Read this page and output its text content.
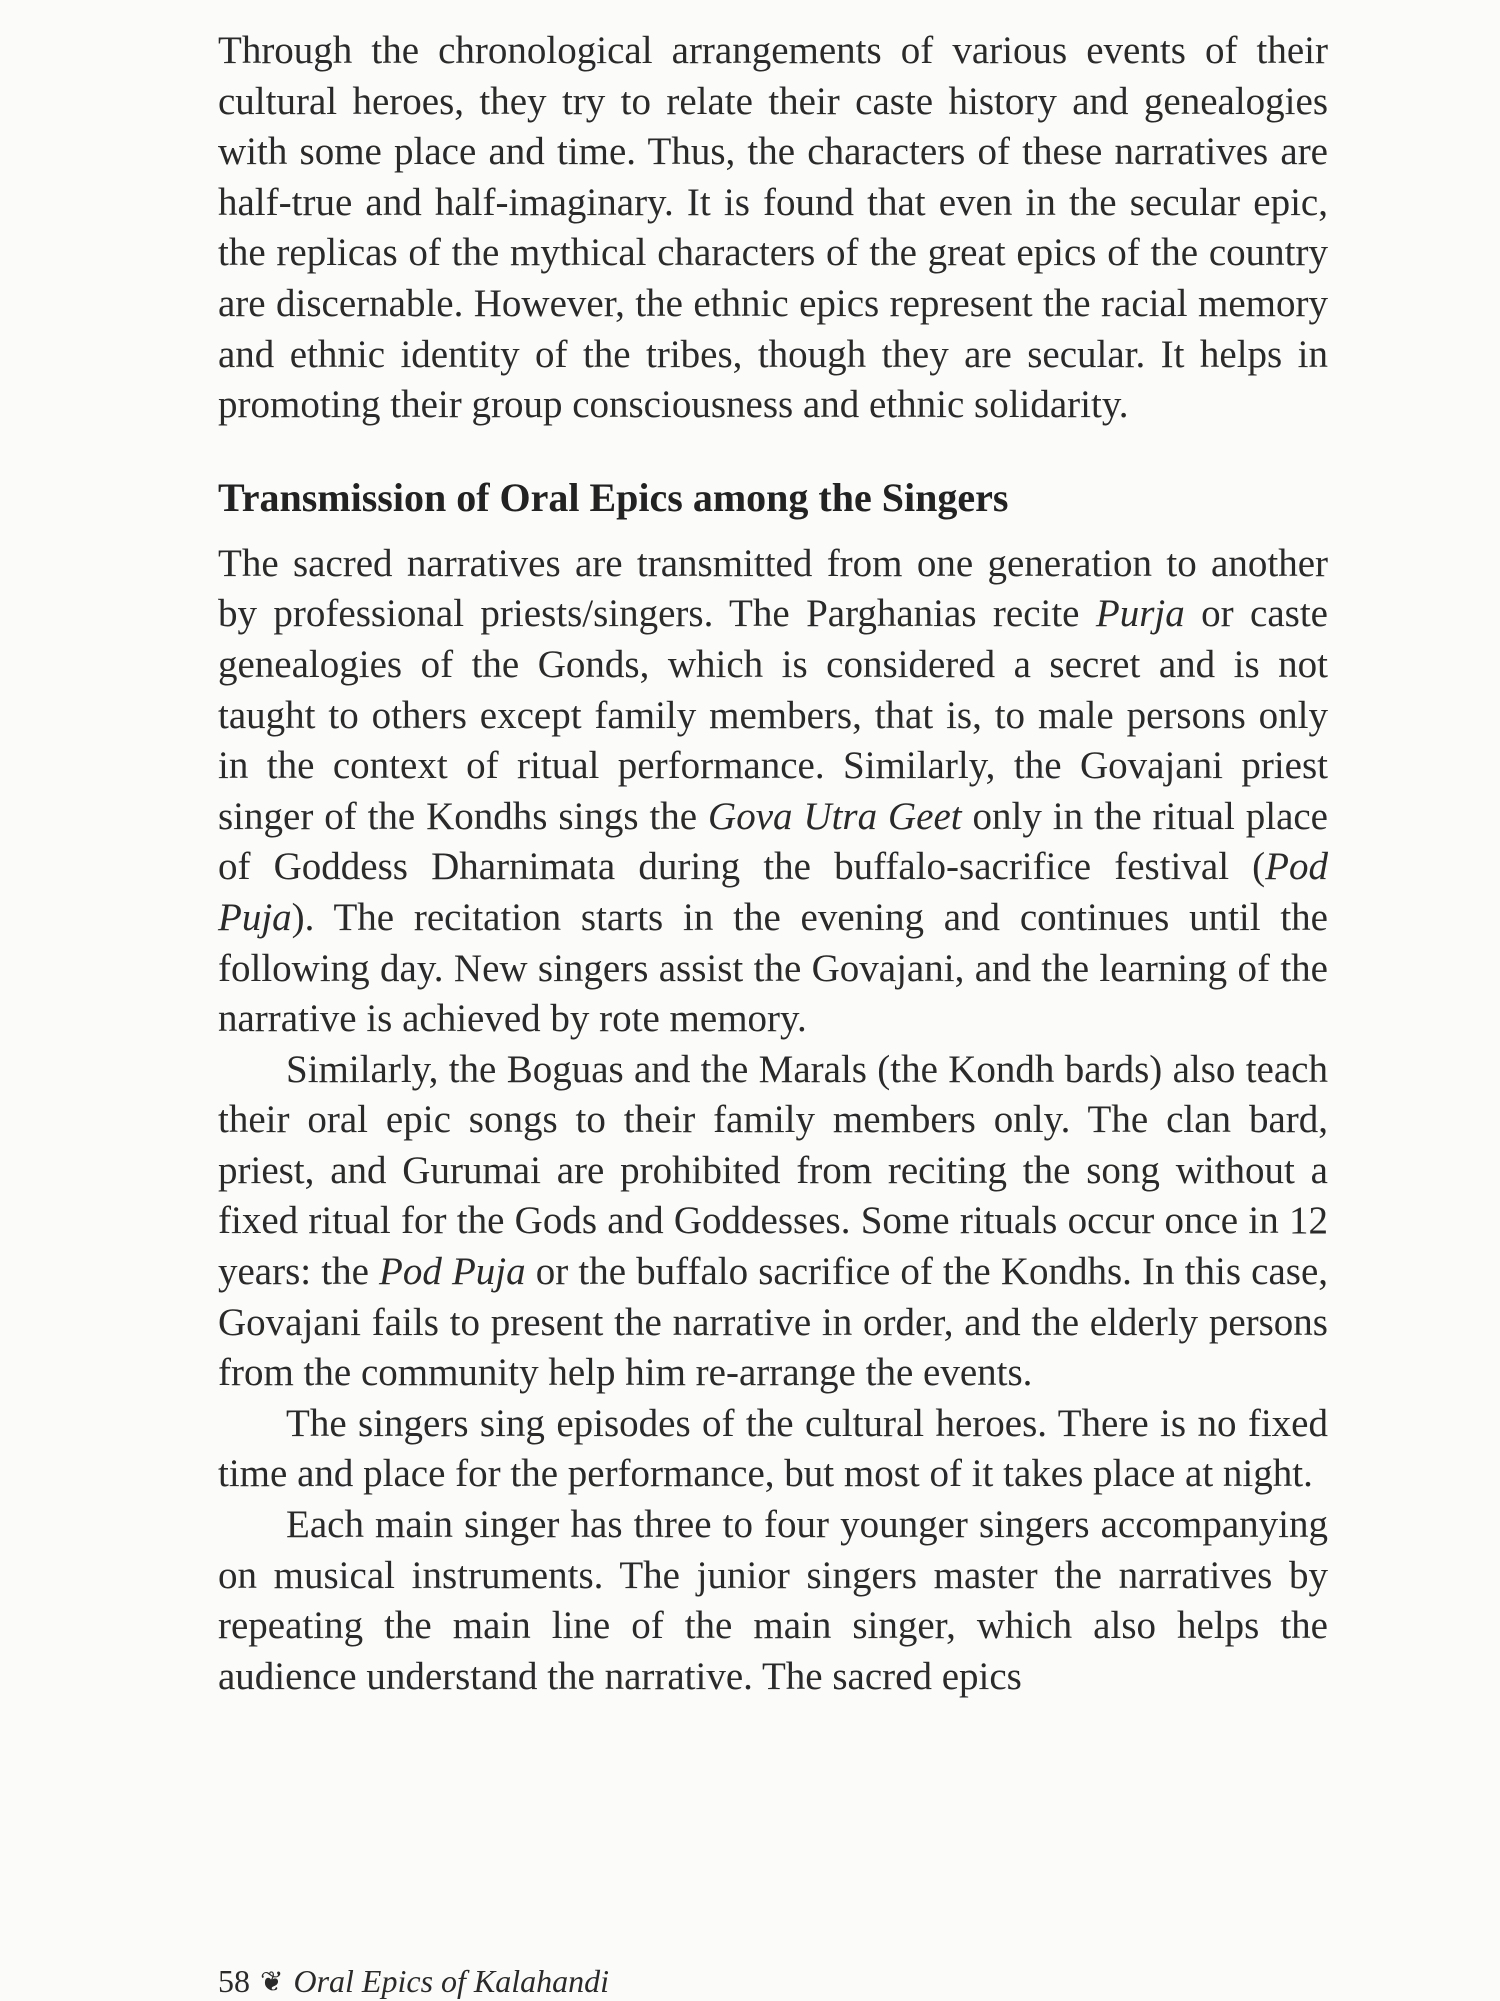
Through the chronological arrangements of various events of their cultural heroes, they try to relate their caste history and genealogies with some place and time. Thus, the characters of these narratives are half-true and half-imaginary. It is found that even in the secular epic, the replicas of the mythical characters of the great epics of the country are discernable. However, the ethnic epics represent the racial memory and ethnic identity of the tribes, though they are secular. It helps in promoting their group consciousness and ethnic solidarity.

Transmission of Oral Epics among the Singers

The sacred narratives are transmitted from one generation to another by professional priests/singers. The Parghanias recite Purja or caste genealogies of the Gonds, which is considered a secret and is not taught to others except family members, that is, to male persons only in the context of ritual performance. Similarly, the Govajani priest singer of the Kondhs sings the Gova Utra Geet only in the ritual place of Goddess Dharnimata during the buffalo-sacrifice festival (Pod Puja). The recitation starts in the evening and continues until the following day. New singers assist the Govajani, and the learning of the narrative is achieved by rote memory.

Similarly, the Boguas and the Marals (the Kondh bards) also teach their oral epic songs to their family members only. The clan bard, priest, and Gurumai are prohibited from reciting the song without a fixed ritual for the Gods and Goddesses. Some rituals occur once in 12 years: the Pod Puja or the buffalo sacrifice of the Kondhs. In this case, Govajani fails to present the narrative in order, and the elderly persons from the community help him re-arrange the events.

The singers sing episodes of the cultural heroes. There is no fixed time and place for the performance, but most of it takes place at night.

Each main singer has three to four younger singers accompanying on musical instruments. The junior singers master the narratives by repeating the main line of the main singer, which also helps the audience understand the narrative. The sacred epics

58 ❦ Oral Epics of Kalahandi
